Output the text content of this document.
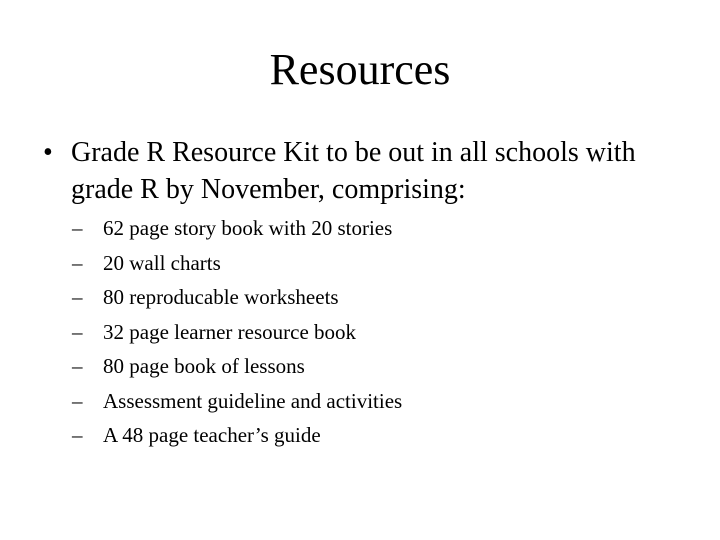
Resources
• Grade R Resource Kit to be out in all schools with grade R by November, comprising:
– 62 page story book with 20 stories
– 20 wall charts
– 80 reproducable worksheets
– 32 page learner resource book
– 80 page book of lessons
– Assessment guideline and activities
– A 48 page teacher’s guide
